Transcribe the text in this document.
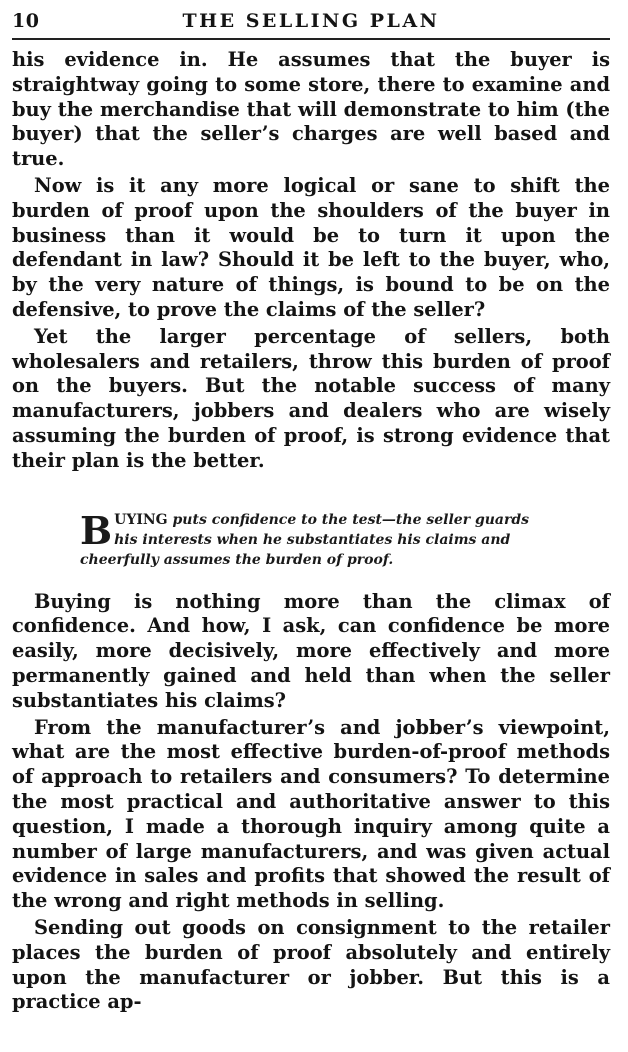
10	THE SELLING PLAN

his evidence in. He assumes that the buyer is straightway going to some store, there to examine and buy the merchandise that will demonstrate to him (the buyer) that the seller’s charges are well based and true.

Now is it any more logical or sane to shift the burden of proof upon the shoulders of the buyer in business than it would be to turn it upon the defendant in law? Should it be left to the buyer, who, by the very nature of things, is bound to be on the defensive, to prove the claims of the seller?

Yet the larger percentage of sellers, both wholesalers and retailers, throw this burden of proof on the buyers. But the notable success of many manufacturers, jobbers and dealers who are wisely assuming the burden of proof, is strong evidence that their plan is the better.

B UYING puts confidence to the test—the seller guards his interests when he substantiates his claims and cheerfully assumes the burden of proof.

Buying is nothing more than the climax of confidence. And how, I ask, can confidence be more easily, more decisively, more effectively and more permanently gained and held than when the seller substantiates his claims?

From the manufacturer’s and jobber’s viewpoint, what are the most effective burden-of-proof methods of approach to retailers and consumers? To determine the most practical and authoritative answer to this question, I made a thorough inquiry among quite a number of large manufacturers, and was given actual evidence in sales and profits that showed the result of the wrong and right methods in selling.

Sending out goods on consignment to the retailer places the burden of proof absolutely and entirely upon the manufacturer or jobber. But this is a practice ap-
